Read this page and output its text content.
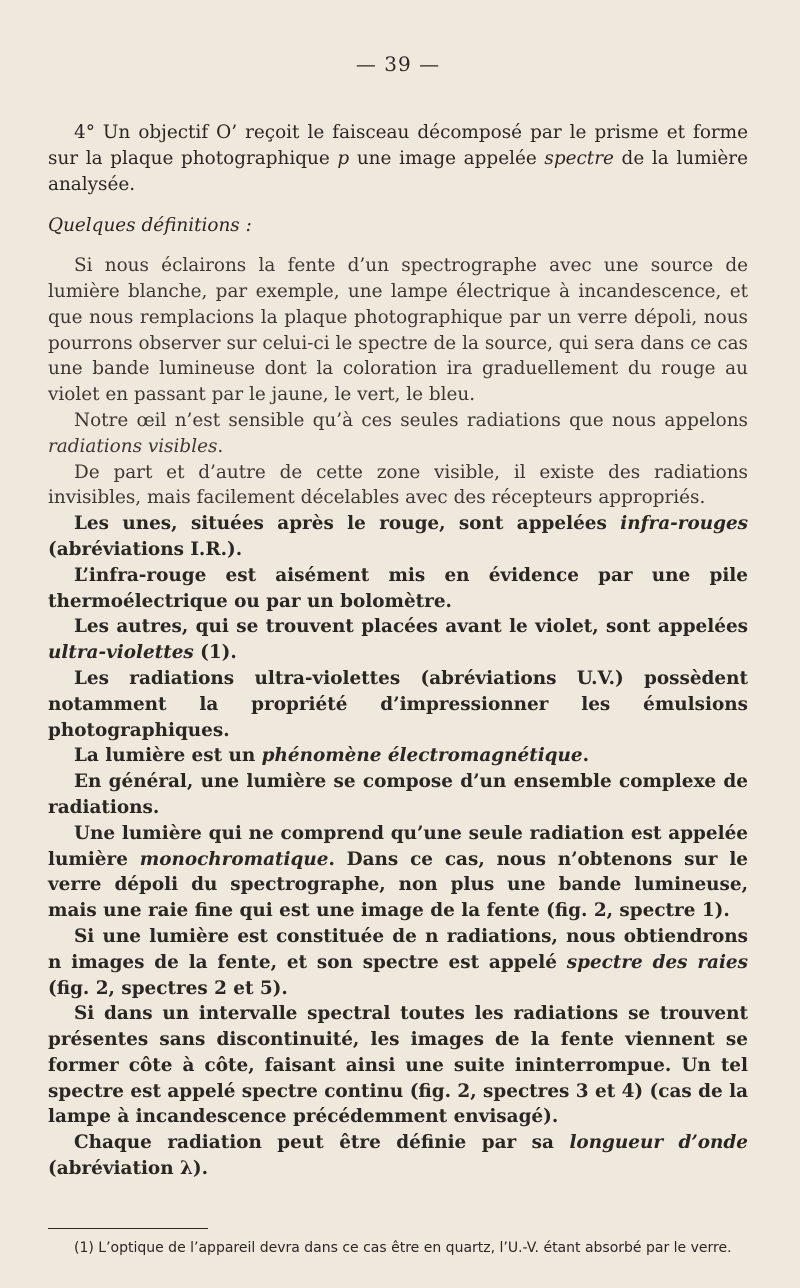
— 39 —

4° Un objectif O’ reçoit le faisceau décomposé par le prisme et forme sur la plaque photographique p une image appelée spectre de la lumière analysée.

Quelques définitions :

Si nous éclairons la fente d’un spectrographe avec une source de lumière blanche, par exemple, une lampe électrique à incandescence, et que nous remplacions la plaque photographique par un verre dépoli, nous pourrons observer sur celui-ci le spectre de la source, qui sera dans ce cas une bande lumineuse dont la coloration ira graduellement du rouge au violet en passant par le jaune, le vert, le bleu.

Notre œil n’est sensible qu’à ces seules radiations que nous appelons radiations visibles.

De part et d’autre de cette zone visible, il existe des radiations invisibles, mais facilement décelables avec des récepteurs appropriés.

Les unes, situées après le rouge, sont appelées infra-rouges (abréviations I.R.).

L’infra-rouge est aisément mis en évidence par une pile thermoélectrique ou par un bolomètre.

Les autres, qui se trouvent placées avant le violet, sont appelées ultra-violettes (1).

Les radiations ultra-violettes (abréviations U.V.) possèdent notamment la propriété d’impressionner les émulsions photographiques.

La lumière est un phénomène électromagnétique.

En général, une lumière se compose d’un ensemble complexe de radiations.

Une lumière qui ne comprend qu’une seule radiation est appelée lumière monochromatique. Dans ce cas, nous n’obtenons sur le verre dépoli du spectrographe, non plus une bande lumineuse, mais une raie fine qui est une image de la fente (fig. 2, spectre 1).

Si une lumière est constituée de n radiations, nous obtiendrons n images de la fente, et son spectre est appelé spectre des raies (fig. 2, spectres 2 et 5).

Si dans un intervalle spectral toutes les radiations se trouvent présentes sans discontinuité, les images de la fente viennent se former côte à côte, faisant ainsi une suite ininterrompue. Un tel spectre est appelé spectre continu (fig. 2, spectres 3 et 4) (cas de la lampe à incandescence précédemment envisagé).

Chaque radiation peut être définie par sa longueur d’onde (abréviation λ).

(1) L’optique de l’appareil devra dans ce cas être en quartz, l’U.-V. étant absorbé par le verre.
